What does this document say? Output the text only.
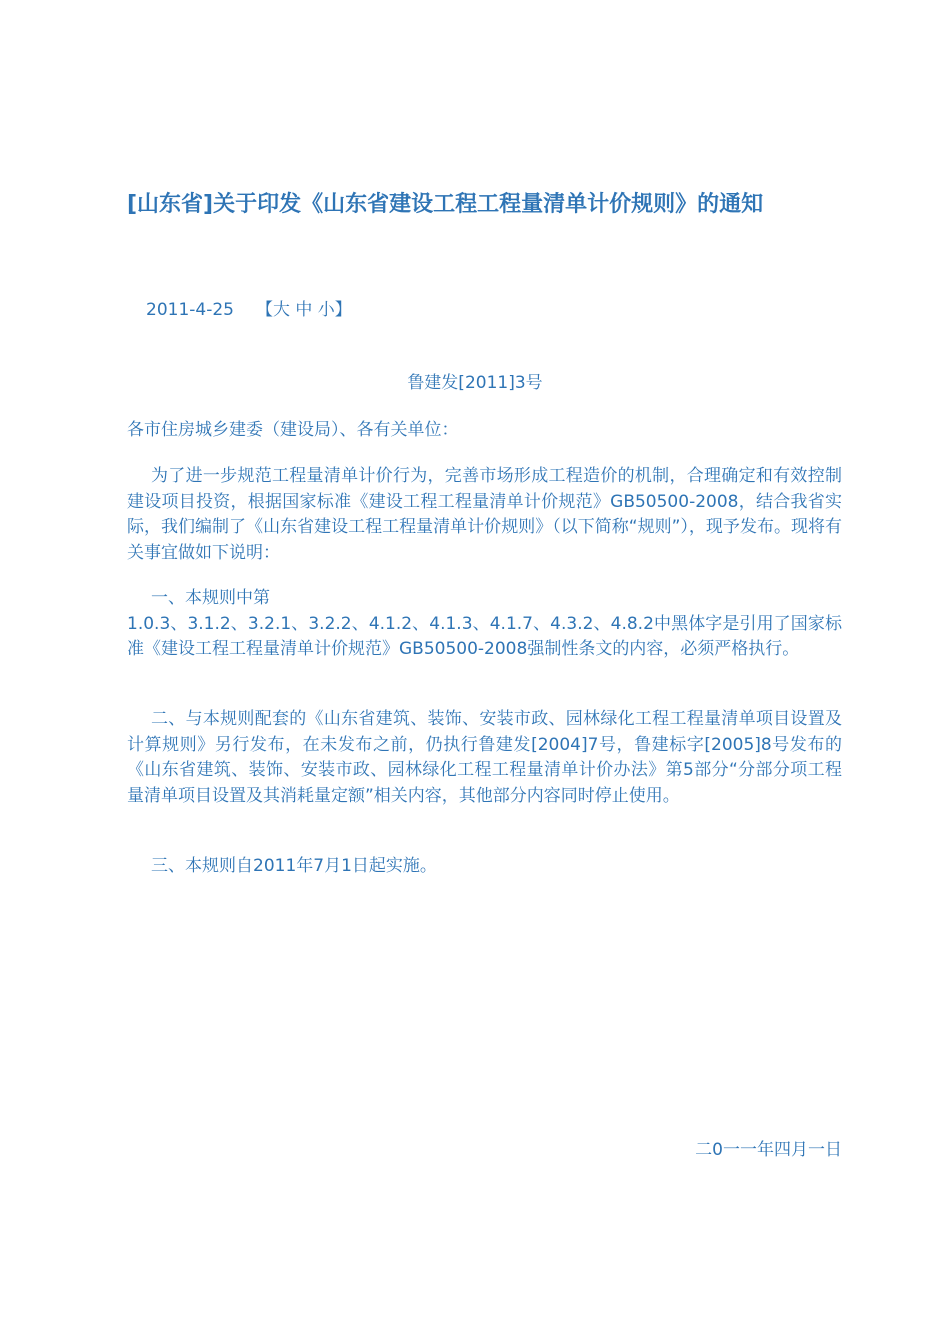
[山东省]关于印发《山东省建设工程工程量清单计价规则》的通知
2011-4-25 【大 中 小】
鲁建发[2011]3号
各市住房城乡建委（建设局）、各有关单位：
为了进一步规范工程量清单计价行为，完善市场形成工程造价的机制，合理确定和有效控制建设项目投资，根据国家标准《建设工程工程量清单计价规范》GB50500-2008，结合我省实际，我们编制了《山东省建设工程工程量清单计价规则》（以下简称“规则”），现予发布。现将有关事宜做如下说明：
一、本规则中第
1.0.3、3.1.2、3.2.1、3.2.2、4.1.2、4.1.3、4.1.7、4.3.2、4.8.2中黑体字是引用了国家标准《建设工程工程量清单计价规范》GB50500-2008强制性条文的内容，必须严格执行。
二、与本规则配套的《山东省建筑、装饰、安装市政、园林绿化工程工程量清单项目设置及计算规则》另行发布，在未发布之前，仍执行鲁建发[2004]7号，鲁建标字[2005]8号发布的《山东省建筑、装饰、安装市政、园林绿化工程工程量清单计价办法》第5部分“分部分项工程量清单项目设置及其消耗量定额”相关内容，其他部分内容同时停止使用。
三、本规则自2011年7月1日起实施。
二0一一年四月一日
